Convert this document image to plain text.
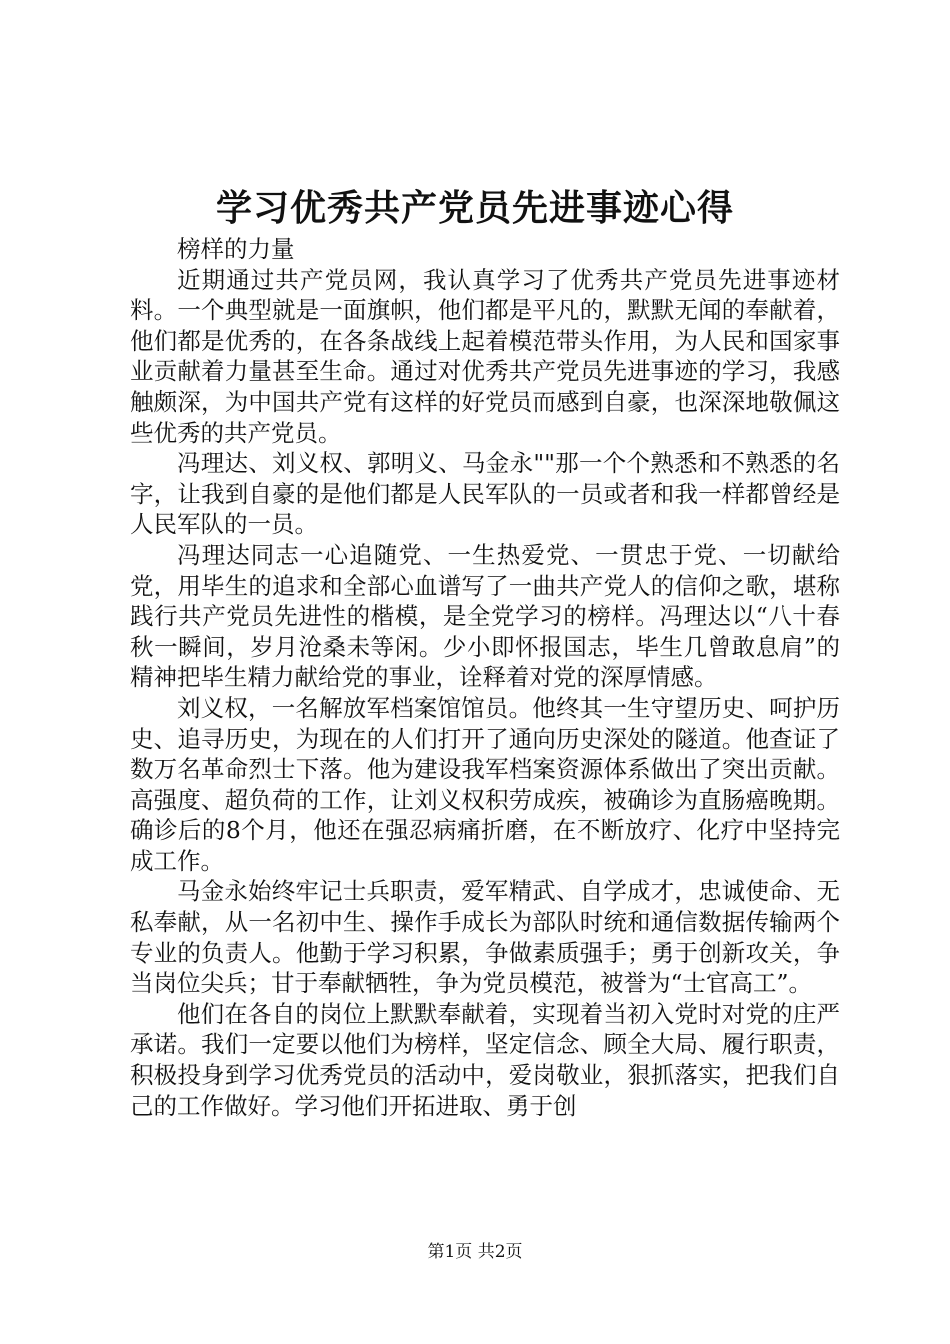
学习优秀共产党员先进事迹心得

榜样的力量

近期通过共产党员网，我认真学习了优秀共产党员先进事迹材料。一个典型就是一面旗帜，他们都是平凡的，默默无闻的奉献着，他们都是优秀的，在各条战线上起着模范带头作用，为人民和国家事业贡献着力量甚至生命。通过对优秀共产党员先进事迹的学习，我感触颇深，为中国共产党有这样的好党员而感到自豪，也深深地敬佩这些优秀的共产党员。

冯理达、刘义权、郭明义、马金永""那一个个熟悉和不熟悉的名字，让我到自豪的是他们都是人民军队的一员或者和我一样都曾经是人民军队的一员。

冯理达同志一心追随党、一生热爱党、一贯忠于党、一切献给党，用毕生的追求和全部心血谱写了一曲共产党人的信仰之歌，堪称践行共产党员先进性的楷模，是全党学习的榜样。冯理达以“八十春秋一瞬间，岁月沧桑未等闲。少小即怀报国志，毕生几曾敢息肩”的精神把毕生精力献给党的事业，诠释着对党的深厚情感。

刘义权，一名解放军档案馆馆员。他终其一生守望历史、呵护历史、追寻历史，为现在的人们打开了通向历史深处的隧道。他查证了数万名革命烈士下落。他为建设我军档案资源体系做出了突出贡献。高强度、超负荷的工作，让刘义权积劳成疾，被确诊为直肠癌晚期。确诊后的8个月，他还在强忍病痛折磨，在不断放疗、化疗中坚持完成工作。

马金永始终牢记士兵职责，爱军精武、自学成才，忠诚使命、无私奉献，从一名初中生、操作手成长为部队时统和通信数据传输两个专业的负责人。他勤于学习积累，争做素质强手；勇于创新攻关，争当岗位尖兵；甘于奉献牺牲，争为党员模范，被誉为“士官高工”。

他们在各自的岗位上默默奉献着，实现着当初入党时对党的庄严承诺。我们一定要以他们为榜样，坚定信念、顾全大局、履行职责，积极投身到学习优秀党员的活动中，爱岗敬业，狠抓落实，把我们自己的工作做好。学习他们开拓进取、勇于创

第1页 共2页
